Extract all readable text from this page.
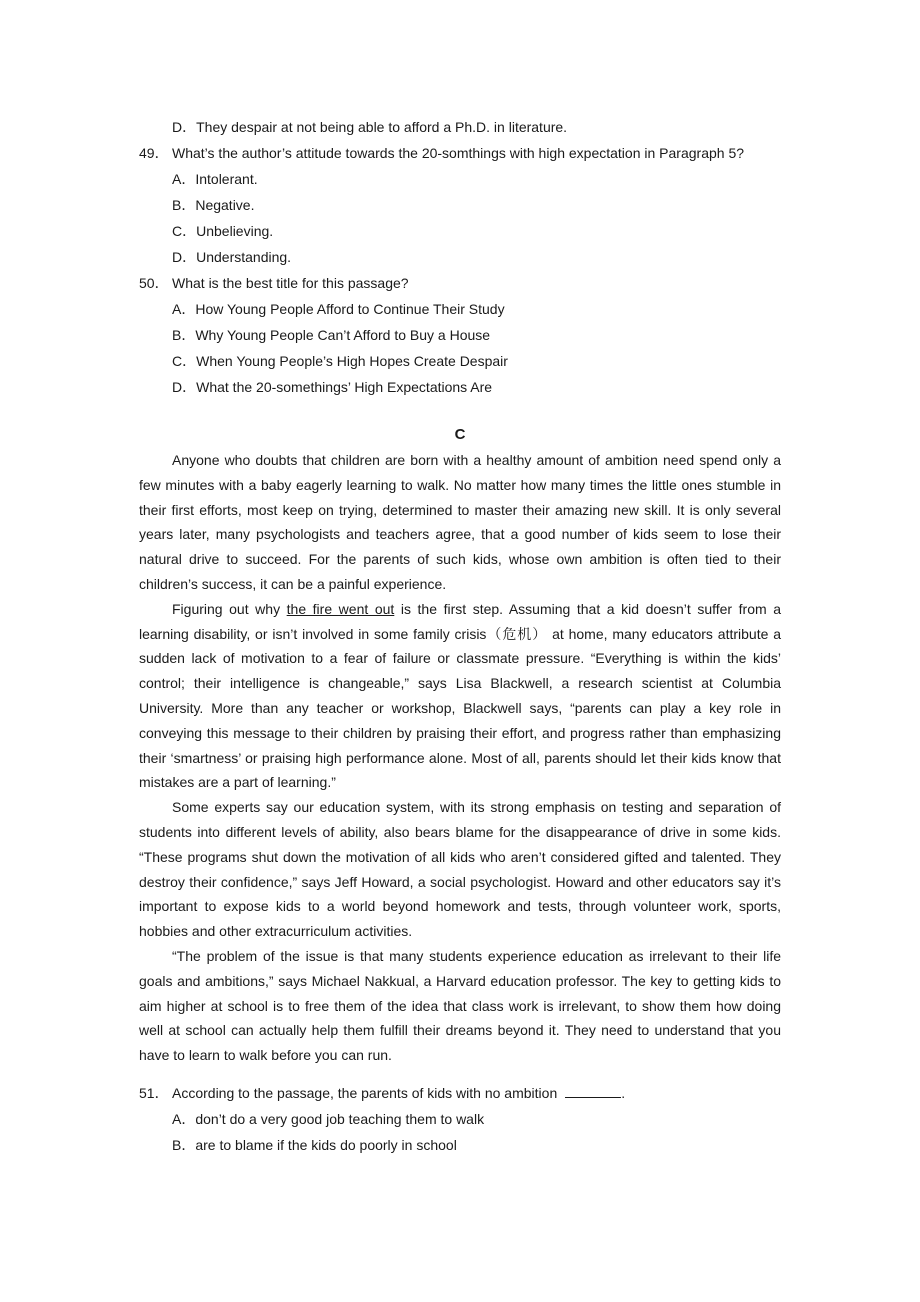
D．They despair at not being able to afford a Ph.D. in literature.
49． What’s the author’s attitude towards the 20-somthings with high expectation in Paragraph 5?
A．Intolerant.
B．Negative.
C．Unbelieving.
D．Understanding.
50． What is the best title for this passage?
A．How Young People Afford to Continue Their Study
B．Why Young People Can’t Afford to Buy a House
C．When Young People’s High Hopes Create Despair
D．What the 20-somethings’ High Expectations Are
C

Anyone who doubts that children are born with a healthy amount of ambition need spend only a few minutes with a baby eagerly learning to walk. No matter how many times the little ones stumble in their first efforts, most keep on trying, determined to master their amazing new skill. It is only several years later, many psychologists and teachers agree, that a good number of kids seem to lose their natural drive to succeed. For the parents of such kids, whose own ambition is often tied to their children’s success, it can be a painful experience.

Figuring out why the fire went out is the first step. Assuming that a kid doesn’t suffer from a learning disability, or isn’t involved in some family crisis（危机） at home, many educators attribute a sudden lack of motivation to a fear of failure or classmate pressure. “Everything is within the kids’ control; their intelligence is changeable,” says Lisa Blackwell, a research scientist at Columbia University. More than any teacher or workshop, Blackwell says, “parents can play a key role in conveying this message to their children by praising their effort, and progress rather than emphasizing their ‘smartness’ or praising high performance alone. Most of all, parents should let their kids know that mistakes are a part of learning.”

Some experts say our education system, with its strong emphasis on testing and separation of students into different levels of ability, also bears blame for the disappearance of drive in some kids. “These programs shut down the motivation of all kids who aren’t considered gifted and talented. They destroy their confidence,” says Jeff Howard, a social psychologist. Howard and other educators say it’s important to expose kids to a world beyond homework and tests, through volunteer work, sports, hobbies and other extracurriculum activities.

“The problem of the issue is that many students experience education as irrelevant to their life goals and ambitions,” says Michael Nakkual, a Harvard education professor. The key to getting kids to aim higher at school is to free them of the idea that class work is irrelevant, to show them how doing well at school can actually help them fulfill their dreams beyond it. They need to understand that you have to learn to walk before you can run.

51． According to the passage, the parents of kids with no ambition	.
A．don’t do a very good job teaching them to walk
B．are to blame if the kids do poorly in school
